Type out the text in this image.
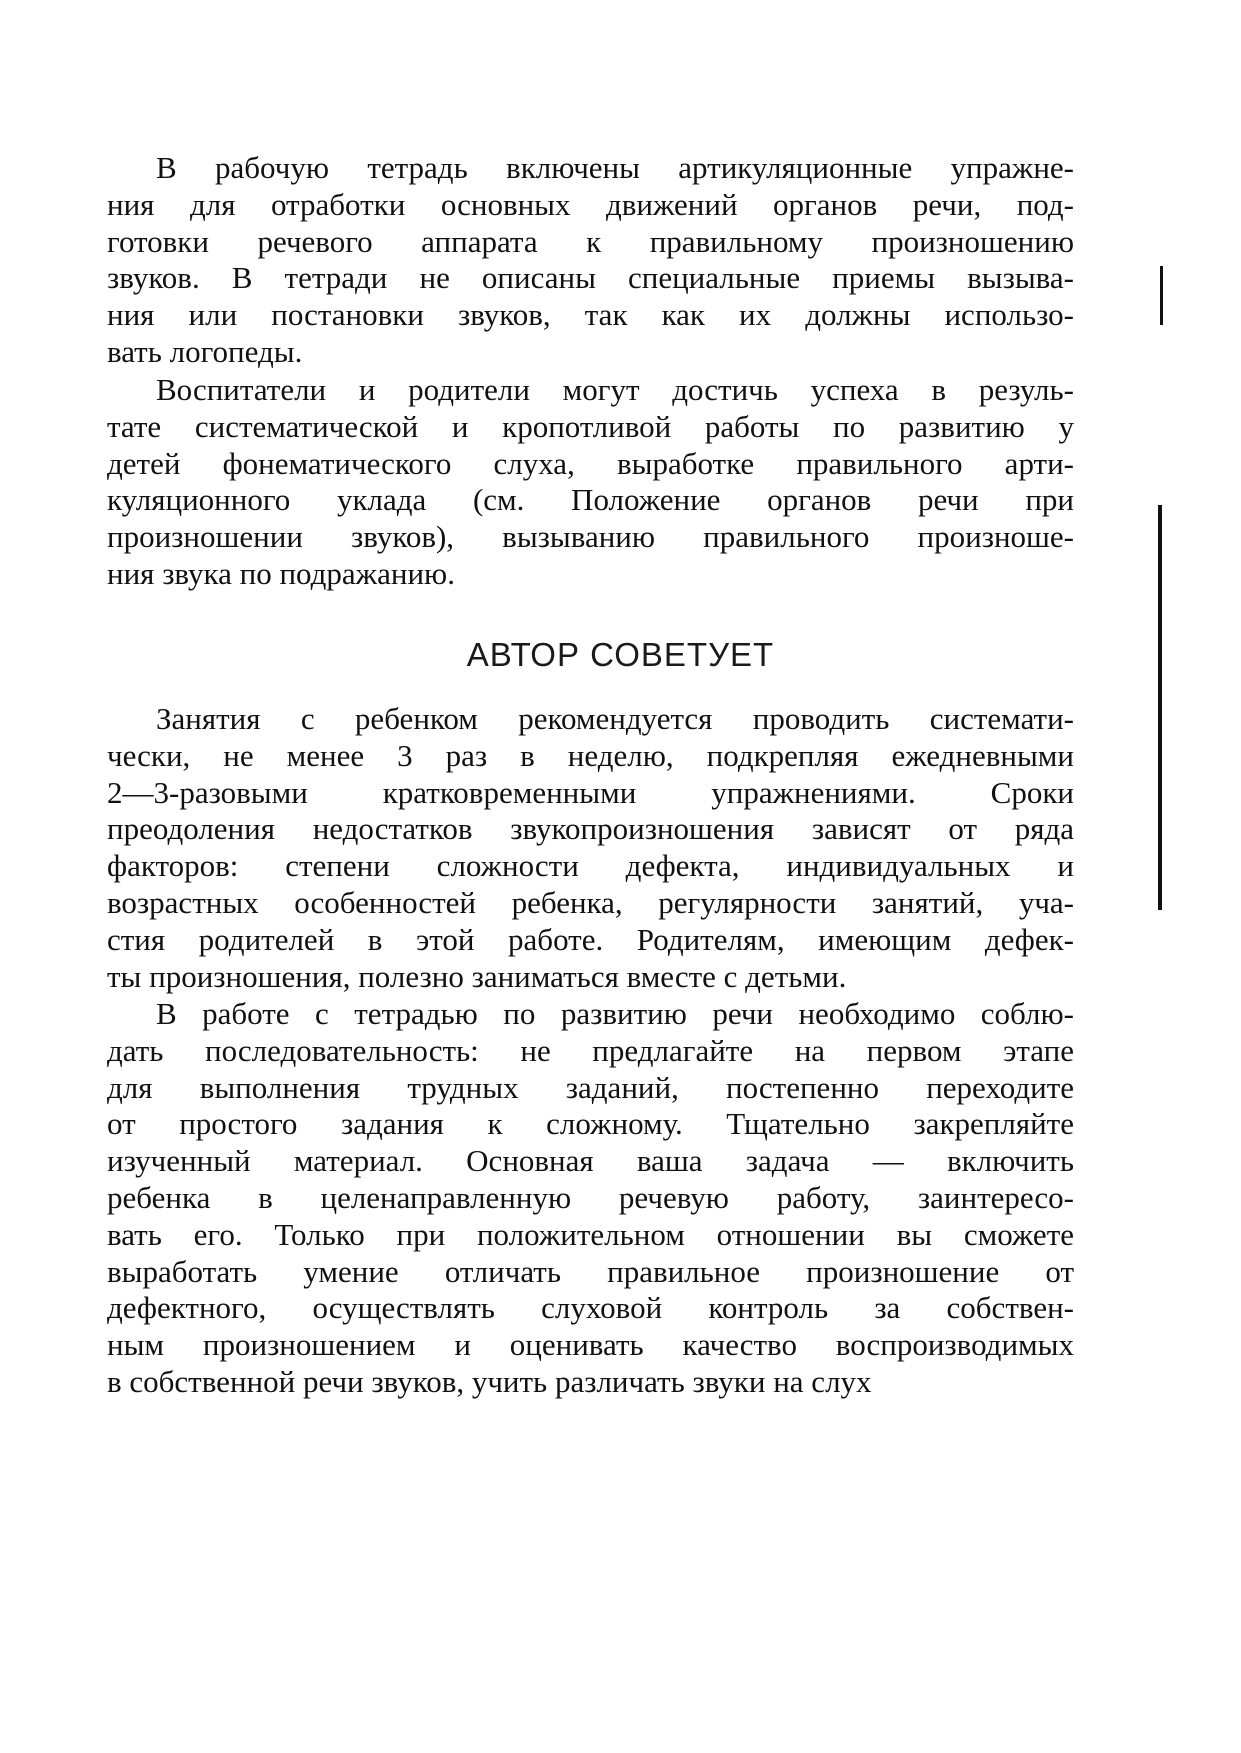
В рабочую тетрадь включены артикуляционные упражне-
ния для отработки основных движений органов речи, под-
готовки речевого аппарата к правильному произношению
звуков. В тетради не описаны специальные приемы вызыва-
ния или постановки звуков, так как их должны использо-
вать логопеды.
Воспитатели и родители могут достичь успеха в резуль-
тате систематической и кропотливой работы по развитию у
детей фонематического слуха, выработке правильного арти-
куляционного уклада (см. Положение органов речи при
произношении звуков), вызыванию правильного произноше-
ния звука по подражанию.
АВТОР СОВЕТУЕТ
Занятия с ребенком рекомендуется проводить системати-
чески, не менее 3 раз в неделю, подкрепляя ежедневными
2—3-разовыми кратковременными упражнениями. Сроки
преодоления недостатков звукопроизношения зависят от ряда
факторов: степени сложности дефекта, индивидуальных и
возрастных особенностей ребенка, регулярности занятий, уча-
стия родителей в этой работе. Родителям, имеющим дефек-
ты произношения, полезно заниматься вместе с детьми.
В работе с тетрадью по развитию речи необходимо соблю-
дать последовательность: не предлагайте на первом этапе
для выполнения трудных заданий, постепенно переходите
от простого задания к сложному. Тщательно закрепляйте
изученный материал. Основная ваша задача — включить
ребенка в целенаправленную речевую работу, заинтересо-
вать его. Только при положительном отношении вы сможете
выработать умение отличать правильное произношение от
дефектного, осуществлять слуховой контроль за собствен-
ным произношением и оценивать качество воспроизводимых
в собственной речи звуков, учить различать звуки на слух
